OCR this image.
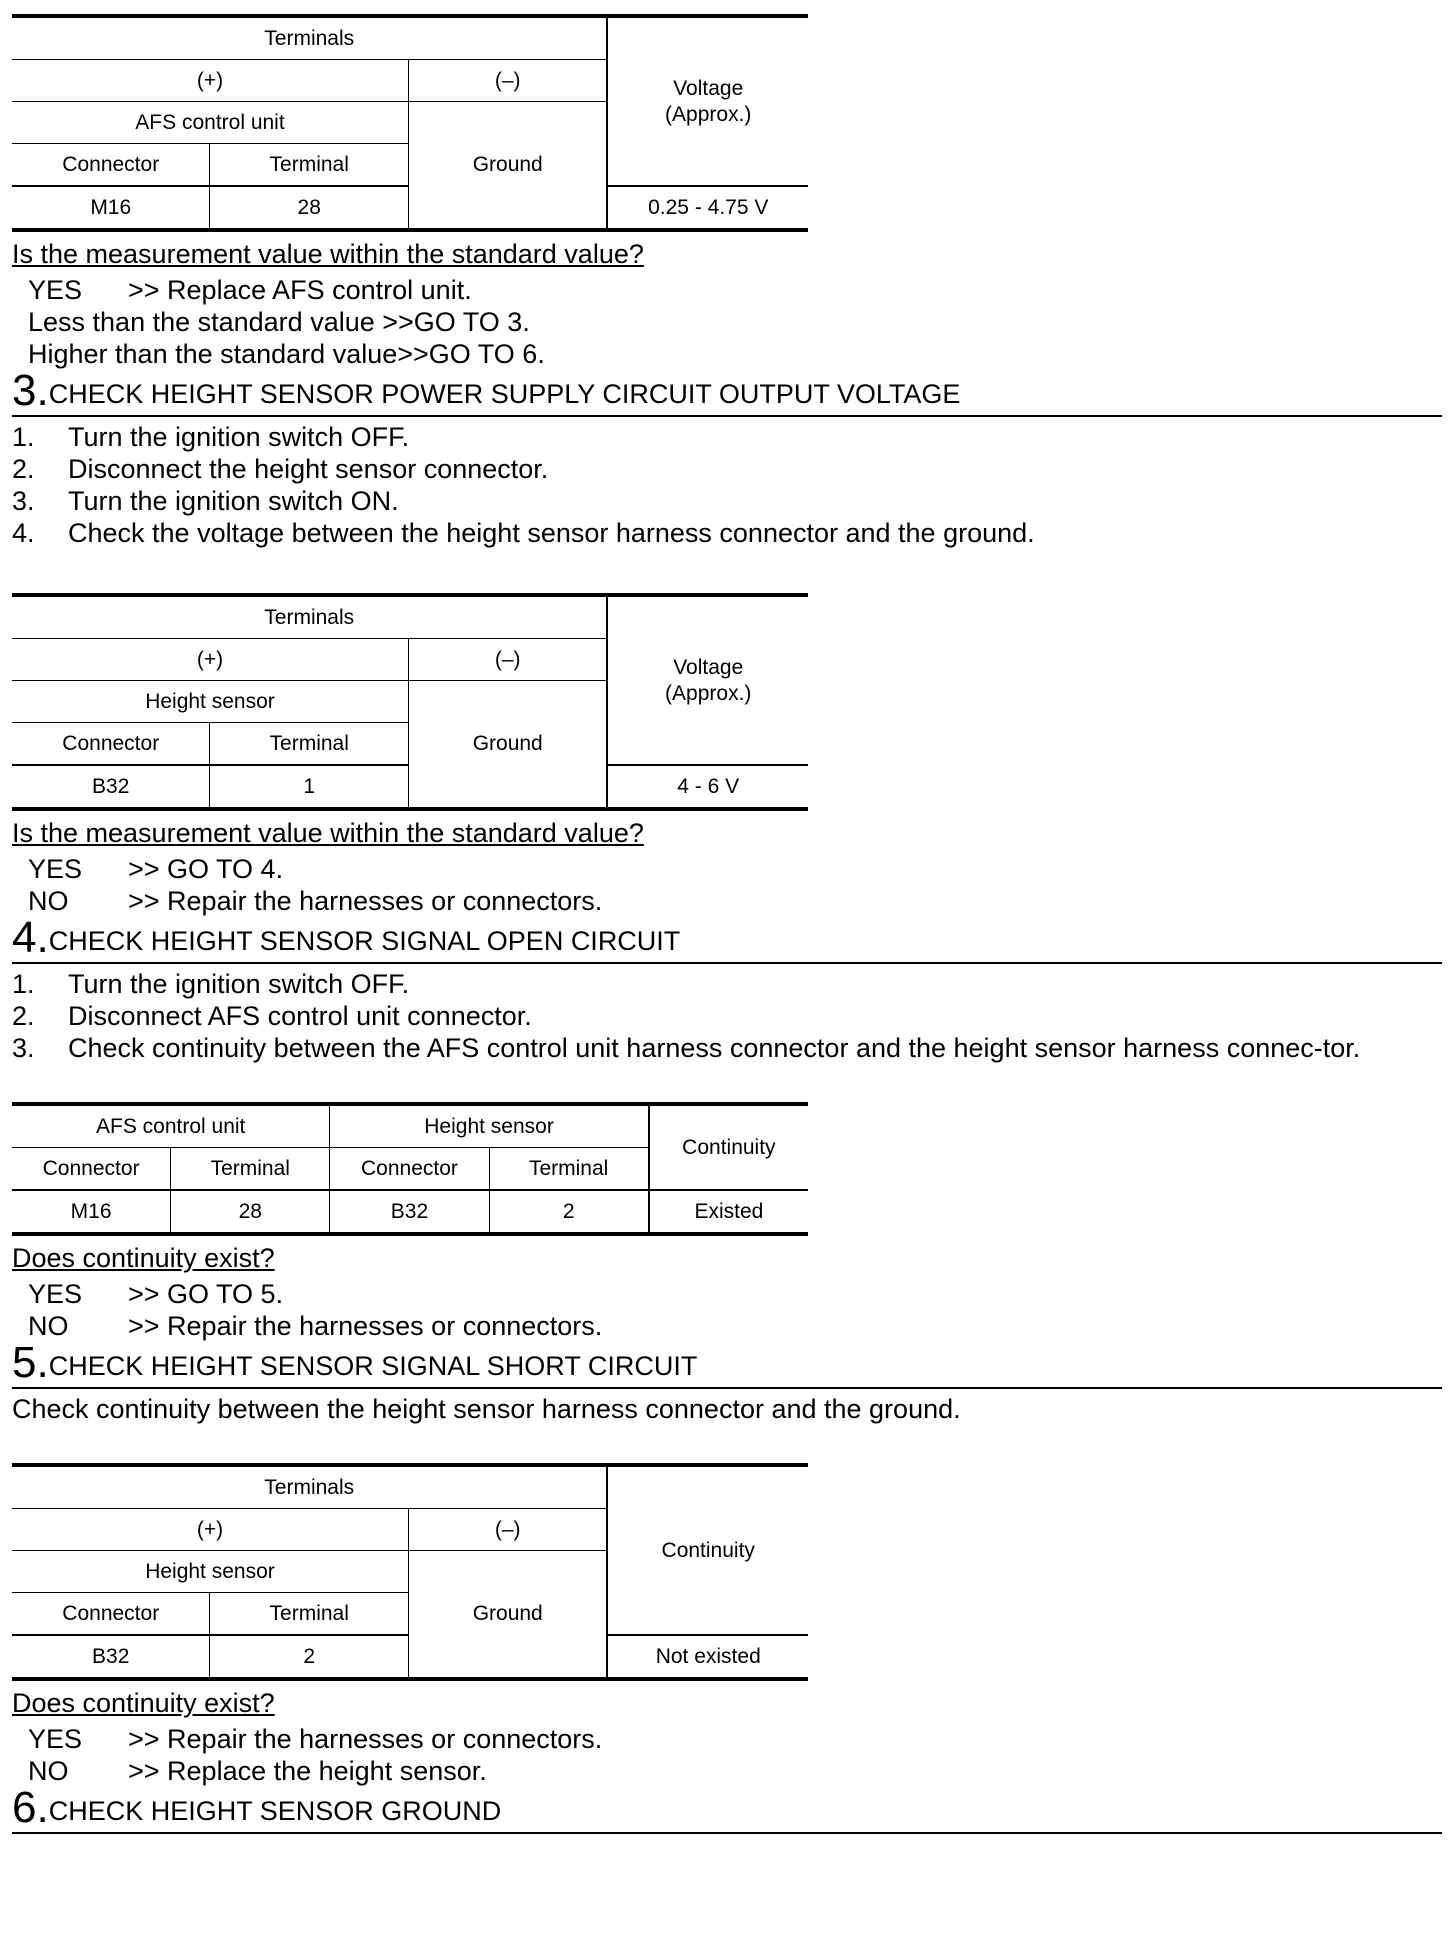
Terminals			Voltage
(Approx.)
(+)		(–)	
AFS control unit		Ground	
Connector	Terminal		
M16	28		0.25 - 4.75 V
Is the measurement value within the standard value?
YES >> Replace AFS control unit.
Less than the standard value >>GO TO 3.
Higher than the standard value>>GO TO 6.
3.CHECK HEIGHT SENSOR POWER SUPPLY CIRCUIT OUTPUT VOLTAGE
1.	Turn the ignition switch OFF.
2.	Disconnect the height sensor connector.
3.	Turn the ignition switch ON.
4.	Check the voltage between the height sensor harness connector and the ground.
Terminals			Voltage
(Approx.)
(+)		(–)	
Height sensor		Ground	
Connector	Terminal		
B32	1		4 - 6 V
Is the measurement value within the standard value?
YES >> GO TO 4.
NO >> Repair the harnesses or connectors.
4.CHECK HEIGHT SENSOR SIGNAL OPEN CIRCUIT
1.	Turn the ignition switch OFF.
2.	Disconnect AFS control unit connector.
3.	Check continuity between the AFS control unit harness connector and the height sensor harness connec-tor.
AFS control unit		Height sensor		Continuity
Connector	Terminal	Connector	Terminal	
M16	28	B32	2	Existed
Does continuity exist?
YES >> GO TO 5.
NO >> Repair the harnesses or connectors.
5.CHECK HEIGHT SENSOR SIGNAL SHORT CIRCUIT
Check continuity between the height sensor harness connector and the ground.
Terminals			Continuity
(+)		(–)	
Height sensor		Ground	
Connector	Terminal		
B32	2		Not existed
Does continuity exist?
YES >> Repair the harnesses or connectors.
NO >> Replace the height sensor.
6.CHECK HEIGHT SENSOR GROUND
